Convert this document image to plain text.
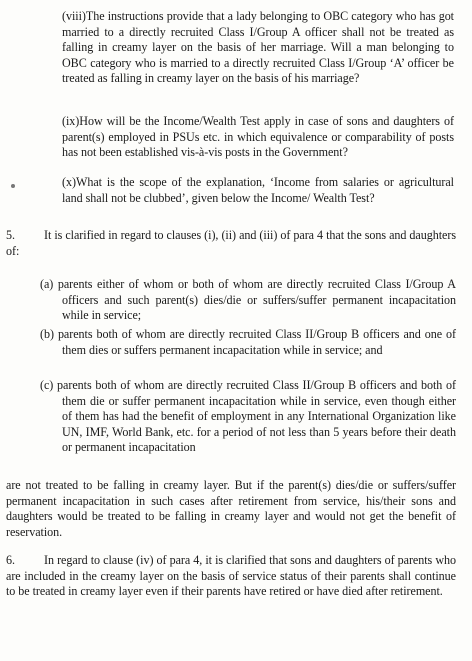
(viii)The instructions provide that a lady belonging to OBC category who has got married to a directly recruited Class I/Group A officer shall not be treated as falling in creamy layer on the basis of her marriage. Will a man belonging to OBC category who is married to a directly recruited Class I/Group ‘A’ officer be treated as falling in creamy layer on the basis of his marriage?
(ix)How will be the Income/Wealth Test apply in case of sons and daughters of parent(s) employed in PSUs etc. in which equivalence or comparability of posts has not been established vis-à-vis posts in the Government?
(x)What is the scope of the explanation, ‘Income from salaries or agricultural land shall not be clubbed’, given below the Income/ Wealth Test?
5. It is clarified in regard to clauses (i), (ii) and (iii) of para 4 that the sons and daughters of:
(a) parents either of whom or both of whom are directly recruited Class I/Group A officers and such parent(s) dies/die or suffers/suffer permanent incapacitation while in service;
(b) parents both of whom are directly recruited Class II/Group B officers and one of them dies or suffers permanent incapacitation while in service; and
(c) parents both of whom are directly recruited Class II/Group B officers and both of them die or suffer permanent incapacitation while in service, even though either of them has had the benefit of employment in any International Organization like UN, IMF, World Bank, etc. for a period of not less than 5 years before their death or permanent incapacitation
are not treated to be falling in creamy layer. But if the parent(s) dies/die or suffers/suffer permanent incapacitation in such cases after retirement from service, his/their sons and daughters would be treated to be falling in creamy layer and would not get the benefit of reservation.
6. In regard to clause (iv) of para 4, it is clarified that sons and daughters of parents who are included in the creamy layer on the basis of service status of their parents shall continue to be treated in creamy layer even if their parents have retired or have died after retirement.
